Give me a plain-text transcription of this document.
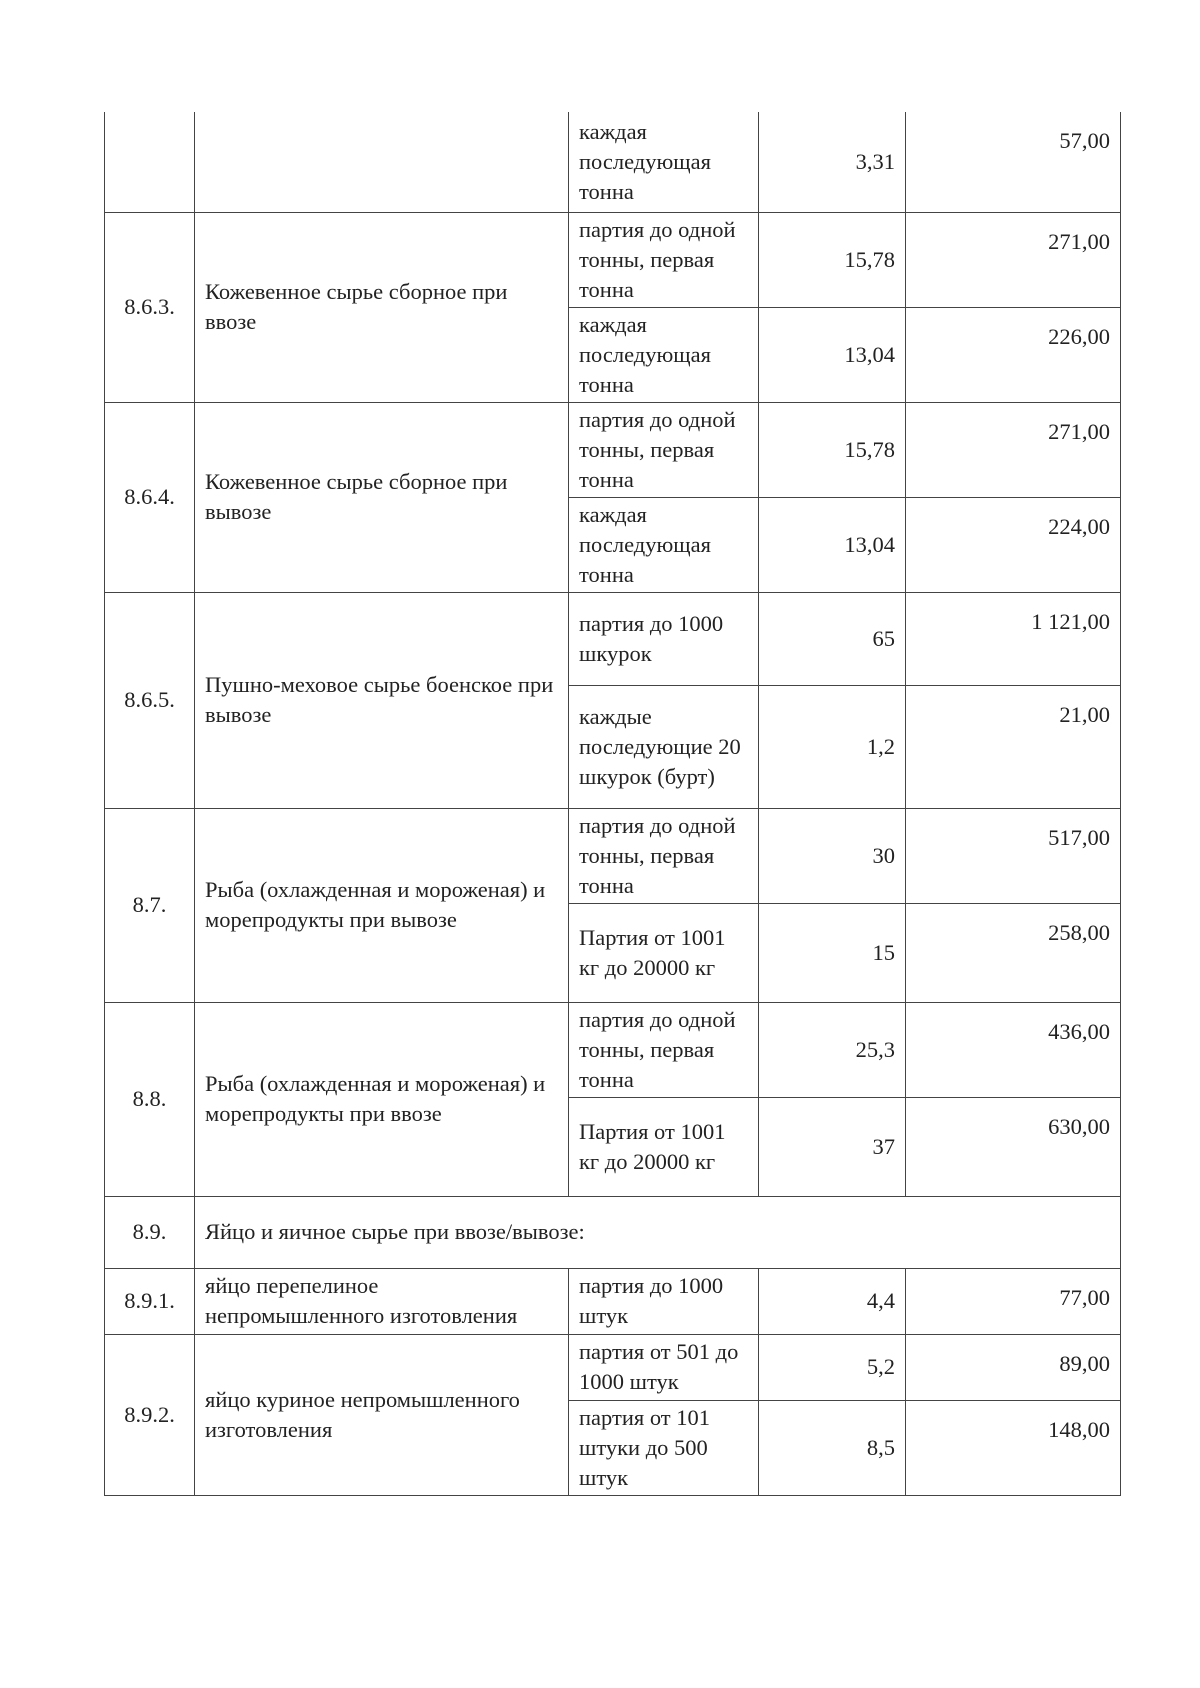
		каждая последующая тонна	3,31	57,00
8.6.3.	Кожевенное сырье сборное при ввозе	партия до одной тонны, первая тонна	15,78	271,00
		каждая последующая тонна	13,04	226,00
8.6.4.	Кожевенное сырье сборное при вывозе	партия до одной тонны, первая тонна	15,78	271,00
		каждая последующая тонна	13,04	224,00
8.6.5.	Пушно-меховое сырье боенское при вывозе	партия до 1000 шкурок	65	1 121,00
		каждые последующие 20 шкурок (бурт)	1,2	21,00
8.7.	Рыба (охлажденная и мороженая) и морепродукты при вывозе	партия до одной тонны, первая тонна	30	517,00
		Партия от 1001 кг до 20000 кг	15	258,00
8.8.	Рыба (охлажденная и мороженая) и морепродукты при ввозе	партия до одной тонны, первая тонна	25,3	436,00
		Партия от 1001 кг до 20000 кг	37	630,00
8.9.	Яйцо и яичное сырье при ввозе/вывозе:			
8.9.1.	яйцо перепелиное непромышленного изготовления	партия до 1000 штук	4,4	77,00
8.9.2.	яйцо куриное непромышленного изготовления	партия от 501 до 1000 штук	5,2	89,00
		партия от 101 штуки до 500 штук	8,5	148,00
